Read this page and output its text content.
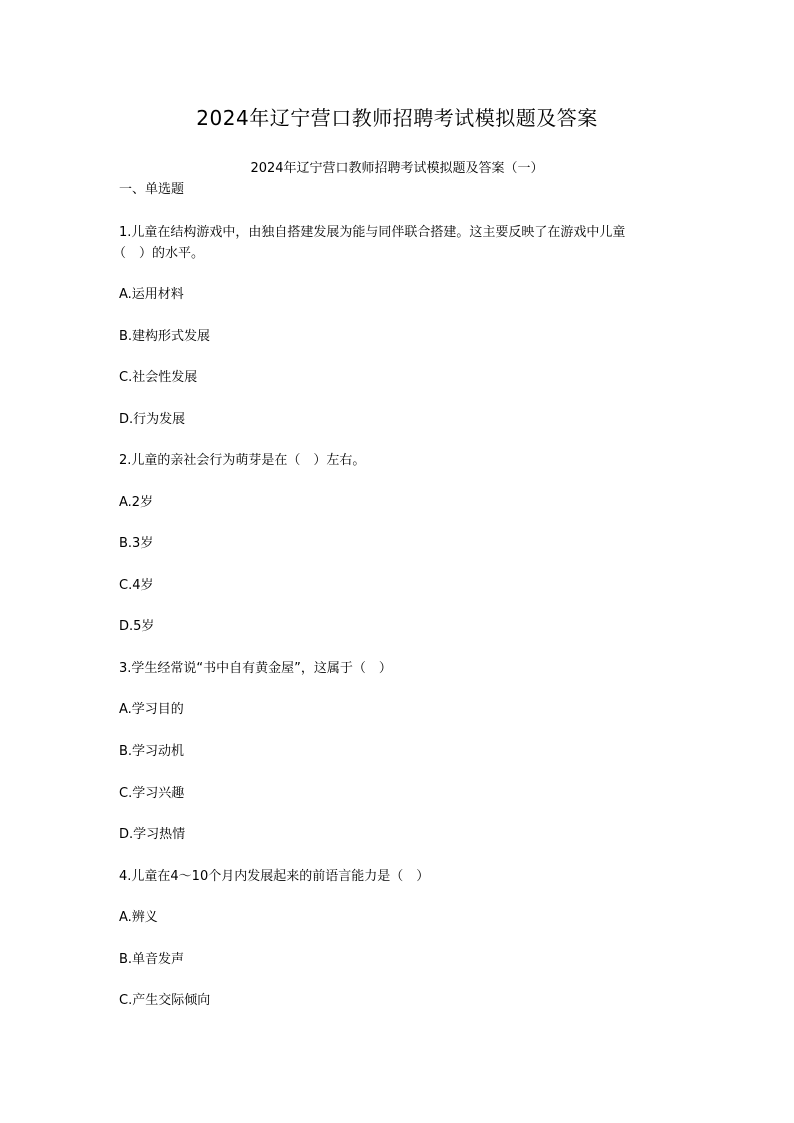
2024年辽宁营口教师招聘考试模拟题及答案
2024年辽宁营口教师招聘考试模拟题及答案（一）
一、单选题
1.儿童在结构游戏中，由独自搭建发展为能与同伴联合搭建。这主要反映了在游戏中儿童
（　）的水平。
A.运用材料
B.建构形式发展
C.社会性发展
D.行为发展
2.儿童的亲社会行为萌芽是在（　）左右。
A.2岁
B.3岁
C.4岁
D.5岁
3.学生经常说“书中自有黄金屋”，这属于（　）
A.学习目的
B.学习动机
C.学习兴趣
D.学习热情
4.儿童在4～10个月内发展起来的前语言能力是（　）
A.辨义
B.单音发声
C.产生交际倾向
